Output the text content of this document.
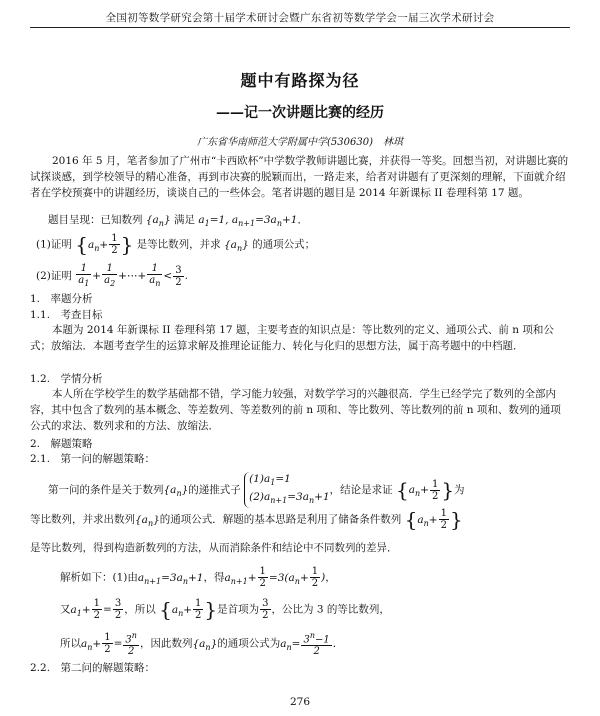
全国初等数学研究会第十届学术研讨会暨广东省初等数学学会一届三次学术研讨会
题中有路探为径
——记一次讲题比赛的经历
广东省华南师范大学附属中学(530630)　林琪
2016 年 5 月，笔者参加了广州市“卡西欧杯”中学数学教师讲题比赛，并获得一等奖。回想当初，对讲题比赛的试探谈感，到学校领导的精心准备，再到市决赛的脱颖而出，一路走来，给者对讲题有了更深刻的理解，下面就介绍者在学校预赛中的讲题经历，谈谈自己的一些体会。笔者讲题的题目是 2014 年新课标 II 卷理科第 17 题。
题目呈现：已知数列 $\{a_n\}$ 满足 $a_1=1$, $a_{n+1}=3a_n+1$．
(1)证明 {$a_n+ \frac{1}{2}$ } 是等比数列，并求 $\{a_n\}$ 的通项公式；
(2)证明 $\frac{1}{a_1} + \frac{1}{a_2}$ +⋯+ $\frac{1}{a_n} < \frac{3}{2}$ .
1.　率题分析
1.1.　考查目标
本题为 2014 年新课标 II 卷理科第 17 题，主要考查的知识点是：等比数列的定义、通项公式、前 n 项和公式；放缩法．本题考查学生的运算求解及推理论证能力、转化与化归的思想方法，属于高考题中的中档题．
1.2.　学情分析
本人所在学校学生的数学基础都不错，学习能力较强，对数学学习的兴趣很高．学生已经学完了数列的全部内容，其中包含了数列的基本概念、等差数列、等差数列的前 n 项和、等比数列、等比数列的前 n 项和、数列的通项公式的求法、数列求和的方法、放缩法．
2.　解题策略
2.1.　第一问的解题策略：
第一问的条件是关于数列$\{a_n\}$的递推式子 $(1)a_1=1$
$(2)a_{n+1}=3a_n+1$，结论是求证 {$a_n+ \frac{1}{2}$ }为
等比数列，并求出数列$\{a_n\}$的通项公式．解题的基本思路是利用了储备条件数列 {$a_n+ \frac{1}{2}$ }
是等比数列，得到构造新数列的方法，从而消除条件和结论中不同数列的差异．
解析如下：(1)由$a_{n+1}=3a_n+1$，得$a_{n+1}+ \frac{1}{2} =3(a_n+ \frac{1}{2}$ )，
又$a_1+ \frac{1}{2} = \frac{3}{2}$ ，所以 {$a_n+ \frac{1}{2}$ }是首项为 $\frac{3}{2}$ ，公比为 3 的等比数列，
所以$a_n+ \frac{1}{2} = \frac{3^n}{2}$ ，因此数列$\{a_n\}$的通项公式为$a_n= \frac{3^n-1}{2}$ ．
2.2.　第二问的解题策略：
276
